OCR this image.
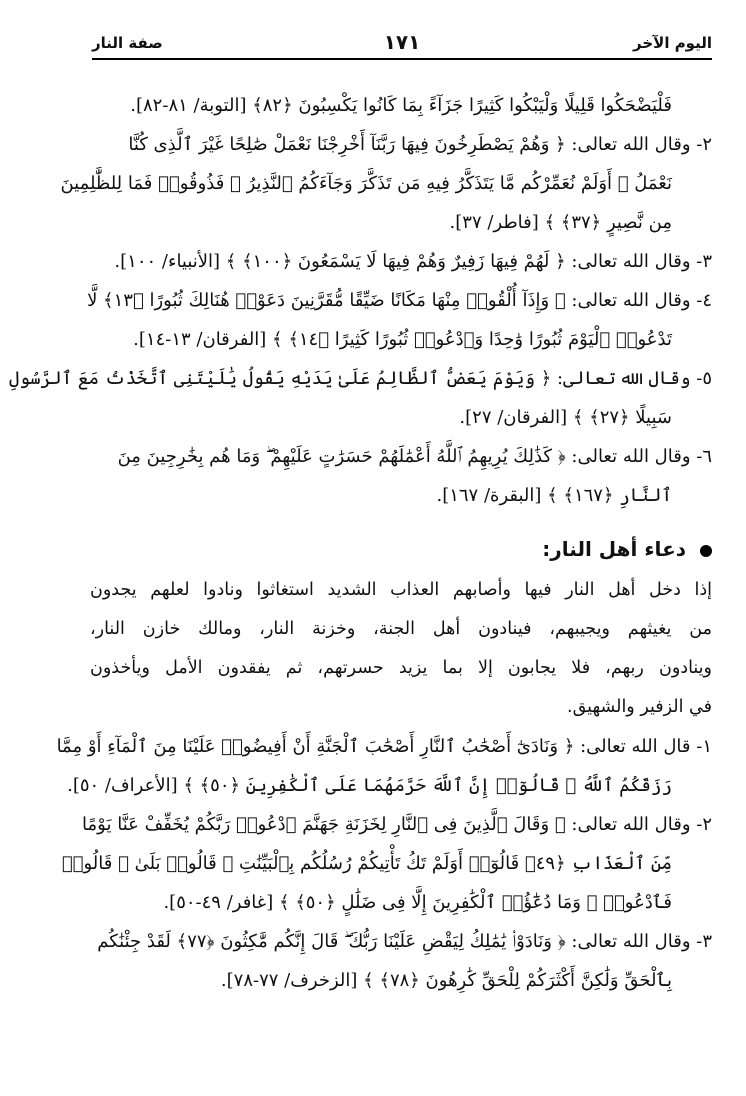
اليوم الآخر
١٧١
صفة النار
فَلْيَضْحَكُوا قَلِيلًا وَلْيَبْكُوا كَثِيرًا جَزَآءً بِمَا كَانُوا يَكْسِبُونَ ﴿٨٢﴾ [التوبة/ ٨١-٨٢].
٢- وقال الله تعالى: ﴿ وَهُمْ يَصْطَرِخُونَ فِيهَا رَبَّنَآ أَخْرِجْنَا نَعْمَلْ صَٰلِحًا غَيْرَ ٱلَّذِى كُنَّا
نَعْمَلُ ۚ أَوَلَمْ نُعَمِّرْكُم مَّا يَتَذَكَّرُ فِيهِ مَن تَذَكَّرَ وَجَآءَكُمُ ٱلنَّذِيرُ ۖ فَذُوقُوا۟ فَمَا لِلظَّٰلِمِينَ
مِن نَّصِيرٍ ﴿٣٧﴾ ﴾ [فاطر/ ٣٧].
٣- وقال الله تعالى: ﴿ لَهُمْ فِيهَا زَفِيرٌ وَهُمْ فِيهَا لَا يَسْمَعُونَ ﴿١٠٠﴾ ﴾ [الأنبياء/ ١٠٠].
٤- وقال الله تعالى: ﴿ وَإِذَآ أُلْقُوا۟ مِنْهَا مَكَانًا ضَيِّقًا مُّقَرَّنِينَ دَعَوْا۟ هُنَالِكَ ثُبُورًا ﴿١٣﴾ لَّا
تَدْعُوا۟ ٱلْيَوْمَ ثُبُورًا وَٰحِدًا وَٱدْعُوا۟ ثُبُورًا كَثِيرًا ﴿١٤﴾ ﴾ [الفرقان/ ١٣-١٤].
٥- وقال الله تعالى: ﴿ وَيَوْمَ يَعَضُّ ٱلظَّالِمُ عَلَىٰ يَدَيْهِ يَقُولُ يَٰلَيْتَنِى ٱتَّخَذْتُ مَعَ ٱلرَّسُولِ
سَبِيلًا ﴿٢٧﴾ ﴾ [الفرقان/ ٢٧].
٦- وقال الله تعالى: ﴿ كَذَٰلِكَ يُرِيهِمُ ٱللَّهُ أَعْمَٰلَهُمْ حَسَرَٰتٍ عَلَيْهِمْ ۖ وَمَا هُم بِخَٰرِجِينَ مِنَ
ٱلنَّارِ ﴿١٦٧﴾ ﴾ [البقرة/ ١٦٧].
دعاء أهل النار:
إذا دخل أهل النار فيها وأصابهم العذاب الشديد استغاثوا ونادوا لعلهم يجدون
من يغيثهم ويجيبهم، فينادون أهل الجنة، وخزنة النار، ومالك خازن النار،
وينادون ربهم، فلا يجابون إلا بما يزيد حسرتهم، ثم يفقدون الأمل ويأخذون
في الزفير والشهيق.
١- قال الله تعالى: ﴿ وَنَادَىٰٓ أَصْحَٰبُ ٱلنَّارِ أَصْحَٰبَ ٱلْجَنَّةِ أَنْ أَفِيضُوا۟ عَلَيْنَا مِنَ ٱلْمَآءِ أَوْ مِمَّا
رَزَقَكُمُ ٱللَّهُ ۚ قَالُوٓا۟ إِنَّ ٱللَّهَ حَرَّمَهُمَا عَلَى ٱلْكَٰفِرِينَ ﴿٥٠﴾ ﴾ [الأعراف/ ٥٠].
٢- وقال الله تعالى: ﴿ وَقَالَ ٱلَّذِينَ فِى ٱلنَّارِ لِخَزَنَةِ جَهَنَّمَ ٱدْعُوا۟ رَبَّكُمْ يُخَفِّفْ عَنَّا يَوْمًا
مِّنَ ٱلْعَذَابِ ﴿٤٩﴾ قَالُوٓا۟ أَوَلَمْ تَكُ تَأْتِيكُمْ رُسُلُكُم بِٱلْبَيِّنَٰتِ ۖ قَالُوا۟ بَلَىٰ ۚ قَالُوا۟
فَٱدْعُوا۟ ۗ وَمَا دُعَٰٓؤُا۟ ٱلْكَٰفِرِينَ إِلَّا فِى ضَلَٰلٍ ﴿٥٠﴾ ﴾ [غافر/ ٤٩-٥٠].
٣- وقال الله تعالى: ﴿ وَنَادَوْا۟ يَٰمَٰلِكُ لِيَقْضِ عَلَيْنَا رَبُّكَ ۖ قَالَ إِنَّكُم مَّٰكِثُونَ ﴿٧٧﴾ لَقَدْ جِئْنَٰكُم
بِٱلْحَقِّ وَلَٰكِنَّ أَكْثَرَكُمْ لِلْحَقِّ كَٰرِهُونَ ﴿٧٨﴾ ﴾ [الزخرف/ ٧٧-٧٨].
